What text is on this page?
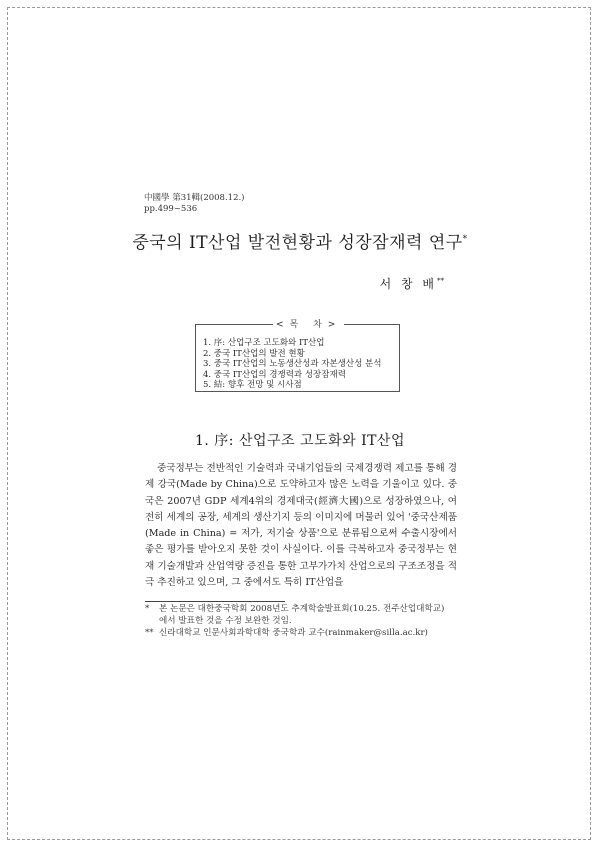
中國學 第31輯(2008.12.)
pp.499~536
중국의 IT산업 발전현황과 성장잠재력 연구*
서 창 배**
<목 차>
1. 序: 산업구조 고도화와 IT산업
2. 중국 IT산업의 발전 현황
3. 중국 IT산업의 노동생산성과 자본생산성 분석
4. 중국 IT산업의 경쟁력과 성장잠재력
5. 結: 향후 전망 및 시사점
1. 序: 산업구조 고도화와 IT산업

중국정부는 전반적인 기술력과 국내기업들의 국제경쟁력 제고를 통해 경제 강국(Made by China)으로 도약하고자 많은 노력을 기울이고 있다. 중국은 2007년 GDP 세계4위의 경제대국(經濟大國)으로 성장하였으나, 여전히 세계의 공장, 세계의 생산기지 등의 이미지에 머물러 있어 '중국산제품(Made in China) = 저가, 저기술 상품'으로 분류됨으로써 수출시장에서 좋은 평가를 받아오지 못한 것이 사실이다. 이를 극복하고자 중국정부는 현재 기술개발과 산업역량 증진을 통한 고부가가치 산업으로의 구조조정을 적극 추진하고 있으며, 그 중에서도 특히 IT산업을

* 본 논문은 대한중국학회 2008년도 추계학술발표회(10.25. 전주산업대학교)
에서 발표한 것을 수정 보완한 것임.
** 신라대학교 인문사회과학대학 중국학과 교수(rainmaker@silla.ac.kr)
